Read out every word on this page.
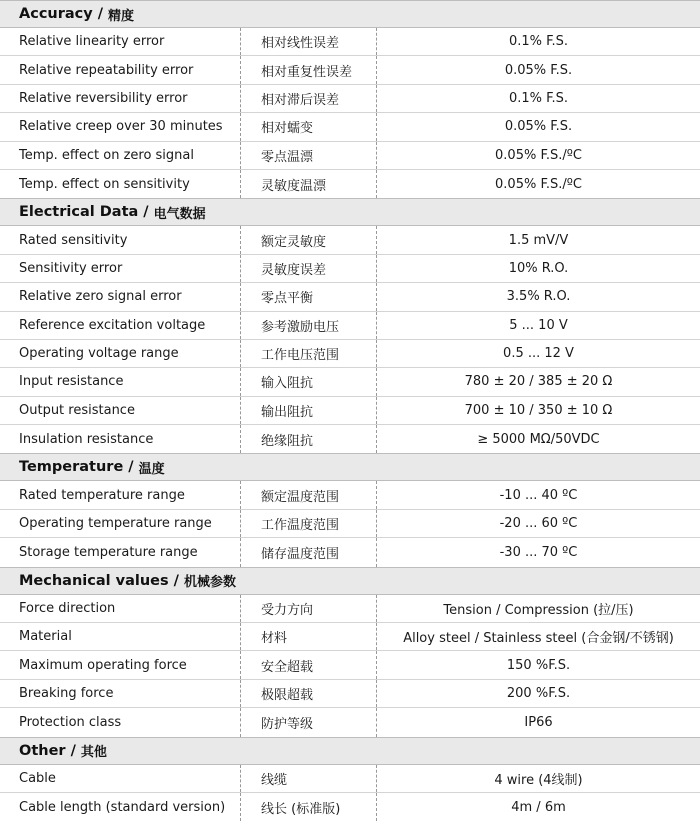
Accuracy / 精度
Relative linearity error	相对线性误差	0.1% F.S.
Relative repeatability error	相对重复性误差	0.05% F.S.
Relative reversibility error	相对滞后误差	0.1% F.S.
Relative creep over 30 minutes	相对蠕变	0.05% F.S.
Temp. effect on zero signal	零点温漂	0.05% F.S./ºC
Temp. effect on sensitivity	灵敏度温漂	0.05% F.S./ºC
Electrical Data / 电气数据
Rated sensitivity	额定灵敏度	1.5 mV/V
Sensitivity error	灵敏度误差	10% R.O.
Relative zero signal error	零点平衡	3.5% R.O.
Reference excitation voltage	参考激励电压	5 ... 10 V
Operating voltage range	工作电压范围	0.5 ... 12 V
Input resistance	输入阻抗	780 ± 20 / 385 ± 20 Ω
Output resistance	输出阻抗	700 ± 10 / 350 ± 10 Ω
Insulation resistance	绝缘阻抗	≥ 5000 MΩ/50VDC
Temperature / 温度
Rated temperature range	额定温度范围	-10 ... 40 ºC
Operating temperature range	工作温度范围	-20 ... 60 ºC
Storage temperature range	储存温度范围	-30 ... 70 ºC
Mechanical values / 机械参数
Force direction	受力方向	Tension / Compression (拉/压)
Material	材料	Alloy steel / Stainless steel (合金钢/不锈钢)
Maximum operating force	安全超载	150 %F.S.
Breaking force	极限超载	200 %F.S.
Protection class	防护等级	IP66
Other / 其他
Cable	线缆	4 wire (4线制)
Cable length (standard version)	线长 (标准版)	4m / 6m
